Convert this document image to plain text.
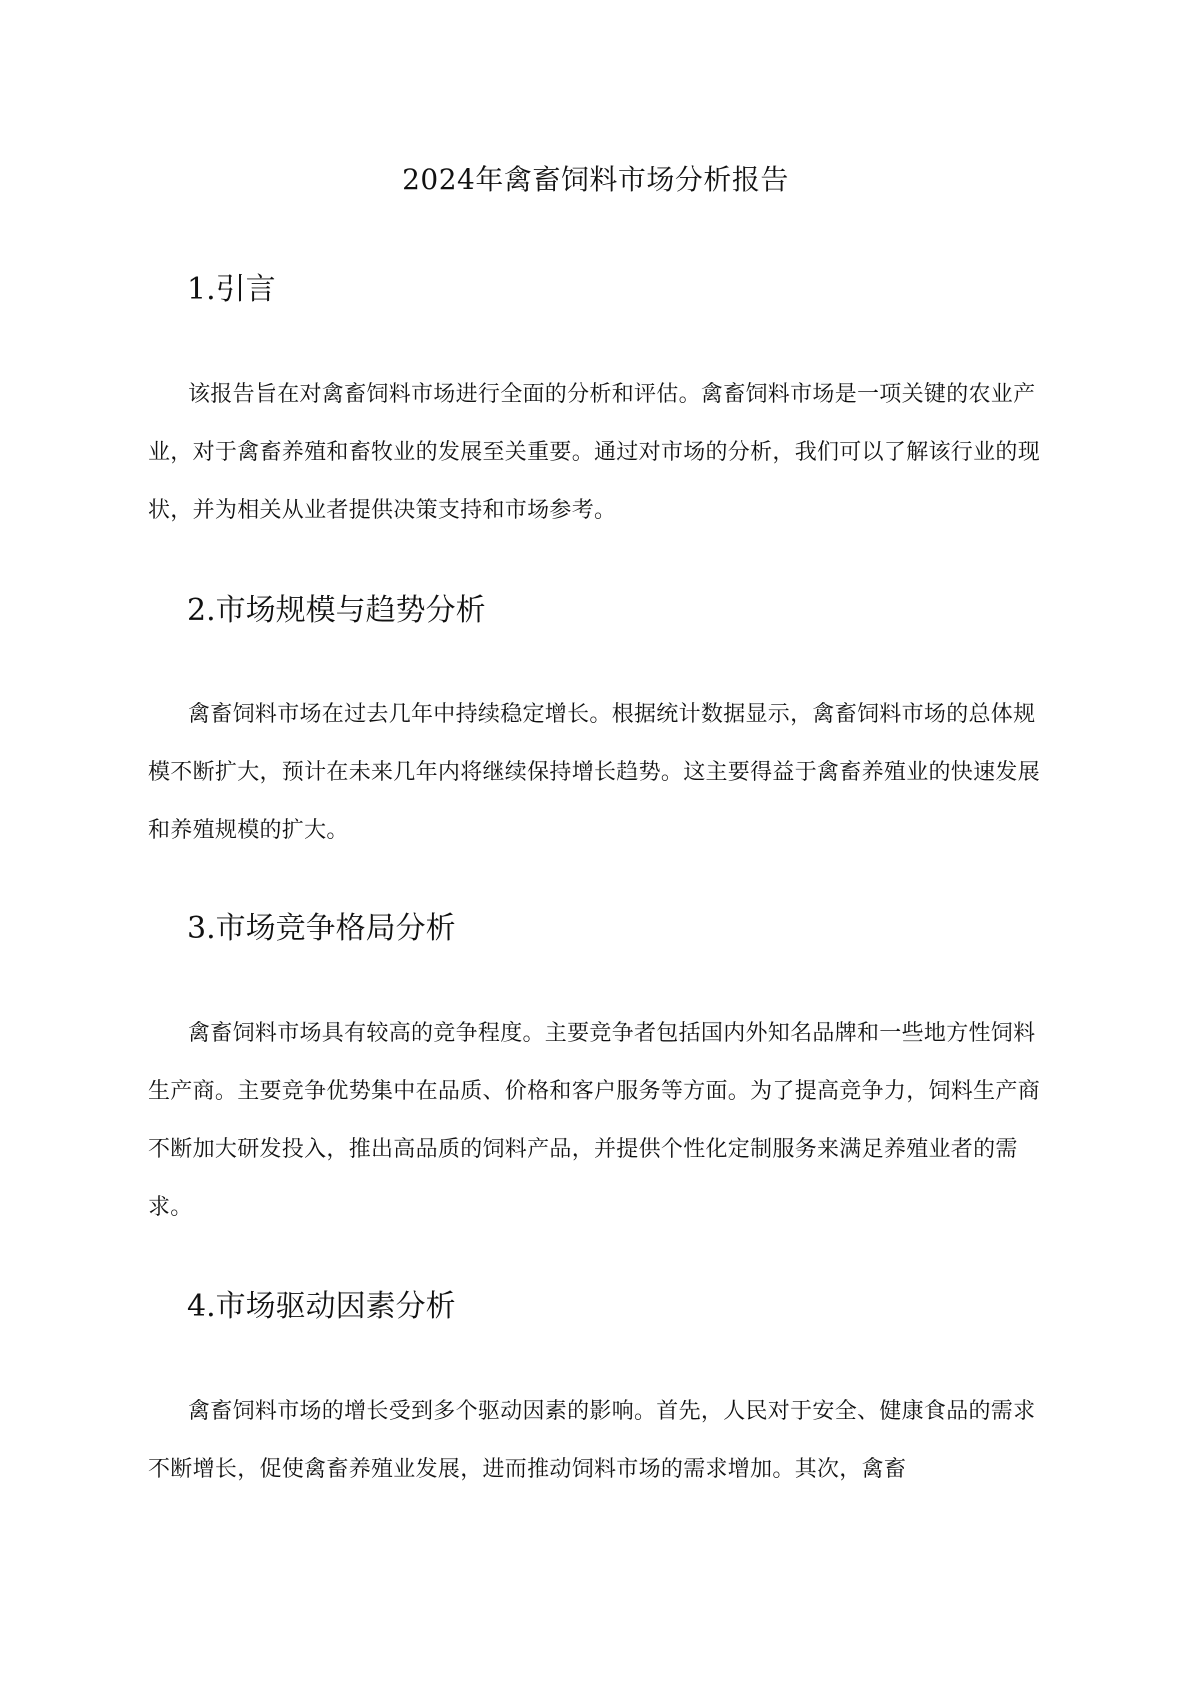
2024年禽畜饲料市场分析报告
1.引言

该报告旨在对禽畜饲料市场进行全面的分析和评估。禽畜饲料市场是一项关键的农业产业，对于禽畜养殖和畜牧业的发展至关重要。通过对市场的分析，我们可以了解该行业的现状，并为相关从业者提供决策支持和市场参考。

2.市场规模与趋势分析

禽畜饲料市场在过去几年中持续稳定增长。根据统计数据显示，禽畜饲料市场的总体规模不断扩大，预计在未来几年内将继续保持增长趋势。这主要得益于禽畜养殖业的快速发展和养殖规模的扩大。

3.市场竞争格局分析

禽畜饲料市场具有较高的竞争程度。主要竞争者包括国内外知名品牌和一些地方性饲料生产商。主要竞争优势集中在品质、价格和客户服务等方面。为了提高竞争力，饲料生产商不断加大研发投入，推出高品质的饲料产品，并提供个性化定制服务来满足养殖业者的需求。

4.市场驱动因素分析

禽畜饲料市场的增长受到多个驱动因素的影响。首先，人民对于安全、健康食品的需求不断增长，促使禽畜养殖业发展，进而推动饲料市场的需求增加。其次，禽畜
